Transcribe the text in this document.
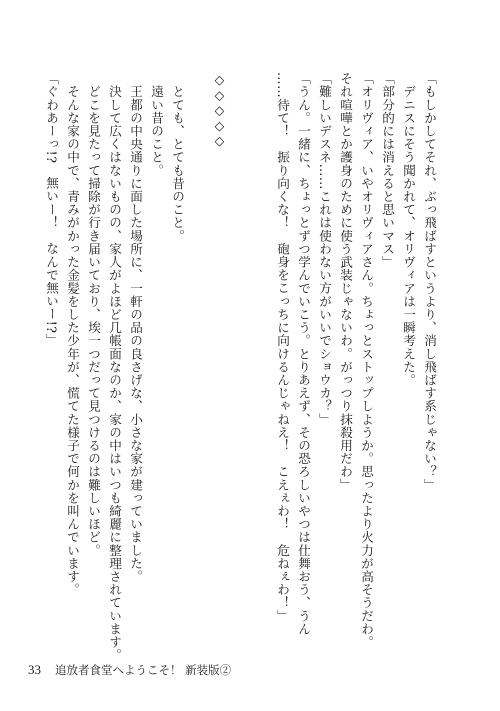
「もしかしてそれ、ぶっ飛ばすというより、消し飛ばす系じゃない？」
　デニスにそう聞かれて、オリヴィアは一瞬考えた。
「部分的には消えると思いマス」
「オリヴィア、いやオリヴィアさん。ちょっとストップしようか。思ったより火力が高そうだわ。
それ喧嘩とか護身のために使う武装じゃないわ。がっつり抹殺用だわ」
「難しいデスネ……これは使わない方がいいでショウカ？」
「うん。一緒に、ちょっとずつ学んでいこう。とりあえず、その恐ろしいやつは仕舞おう、うん
……待て！　振り向くな！　砲身をこっちに向けるんじゃねえ！　こえぇわ！　危ねぇわ！」
◇◇◇◇◇
　とても、とても昔のこと。
　遠い昔のこと。
　王都の中央通りに面した場所に、一軒の品の良さげな、小さな家が建っていました。
　決して広くはないものの、家人がよほど几帳面なのか、家の中はいつも綺麗に整理されています。
　どこを見たって掃除が行き届いており、埃一つだって見つけるのは難しいほど。
　そんな家の中で、青みがかった金髪をした少年が、慌てた様子で何かを叫んでいます。
「ぐわあーっ!?　無いー！　なんで無いー!?」
33 追放者食堂へようこそ！ 新装版②
